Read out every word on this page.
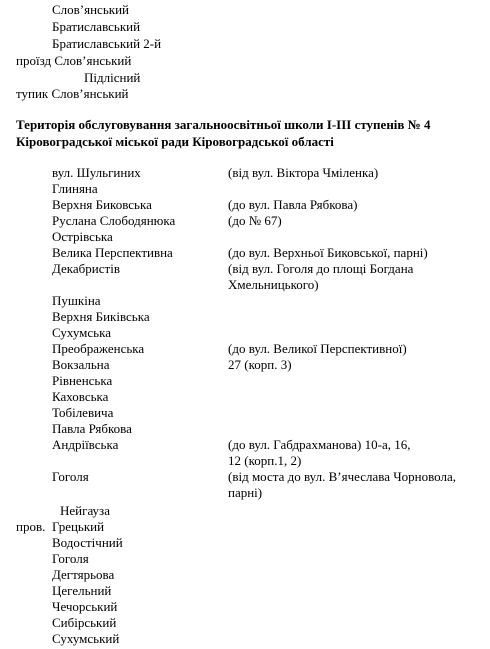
Слов’янський
Братиславський
Братиславський 2-й
проїзд Слов’янський
Підлісний
тупик Слов’янський
Територія обслуговування загальноосвітньої школи І-ІІІ ступенів № 4 Кіровоградської міської ради Кіровоградської області
вул. Шульгиних	(від вул. Віктора Чміленка)
Глиняна
Верхня Биковська	(до вул. Павла Рябкова)
Руслана Слободянюка	(до № 67)
Острівська
Велика Перспективна	(до вул. Верхньої Биковської, парні)
Декабристів	(від вул. Гоголя до площі Богдана
Хмельницького)
Пушкіна
Верхня Биківська
Сухумська
Преображенська	(до вул. Великої Перспективної)
Вокзальна	27 (корп. 3)
Рівненська
Каховська
Тобілевича
Павла Рябкова
Андріївська	(до вул. Габдрахманова) 10-а, 16,
12 (корп.1, 2)
Гоголя	(від моста до вул. В’ячеслава Чорновола,
парні)
Нейгауза
пров. Грецький
Водостічний
Гоголя
Дегтярьова
Цегельний
Чечорський
Сибірський
Сухумський
